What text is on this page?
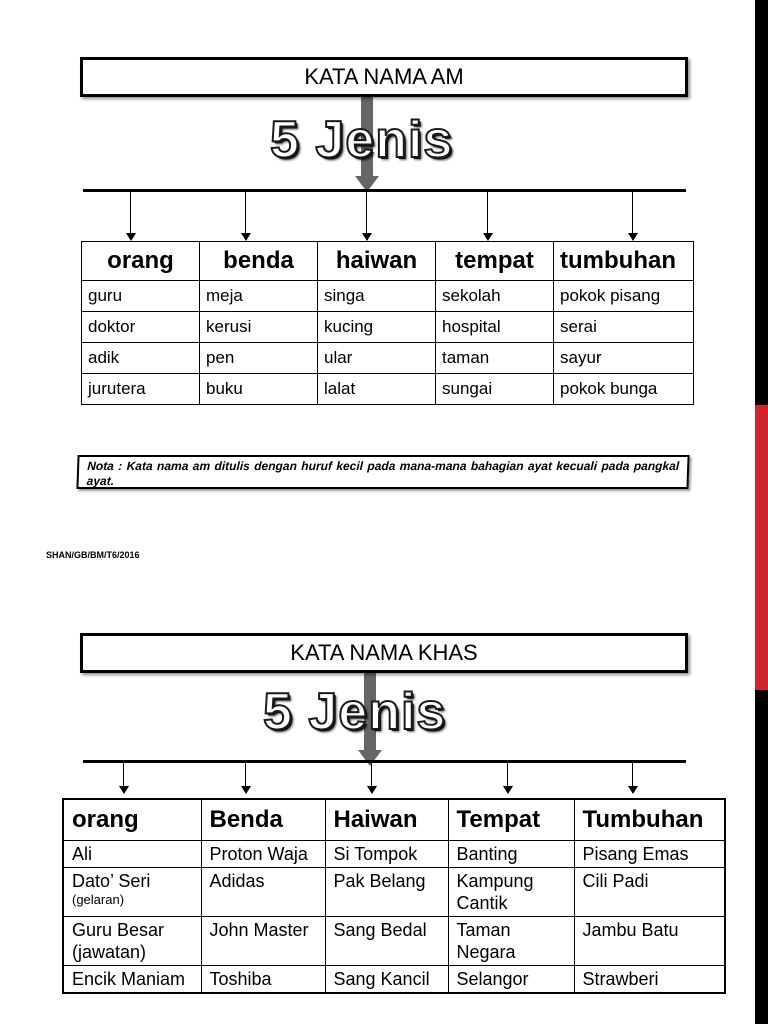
KATA NAMA AM
5 Jenis
orang	benda	haiwan	tempat	tumbuhan
guru	meja	singa	sekolah	pokok pisang
doktor	kerusi	kucing	hospital	serai
adik	pen	ular	taman	sayur
jurutera	buku	lalat	sungai	pokok bunga
Nota : Kata nama am ditulis dengan huruf kecil pada mana-mana bahagian ayat kecuali pada pangkal ayat.
SHAN/GB/BM/T6/2016
KATA NAMA KHAS
5 Jenis
orang	Benda	Haiwan	Tempat	Tumbuhan
Ali	Proton Waja	Si Tompok	Banting	Pisang Emas
Dato’ Seri
(gelaran)	Adidas	Pak Belang	Kampung Cantik	Cili Padi
Guru Besar (jawatan)	John Master	Sang Bedal	Taman Negara	Jambu Batu
Encik Maniam	Toshiba	Sang Kancil	Selangor	Strawberi
